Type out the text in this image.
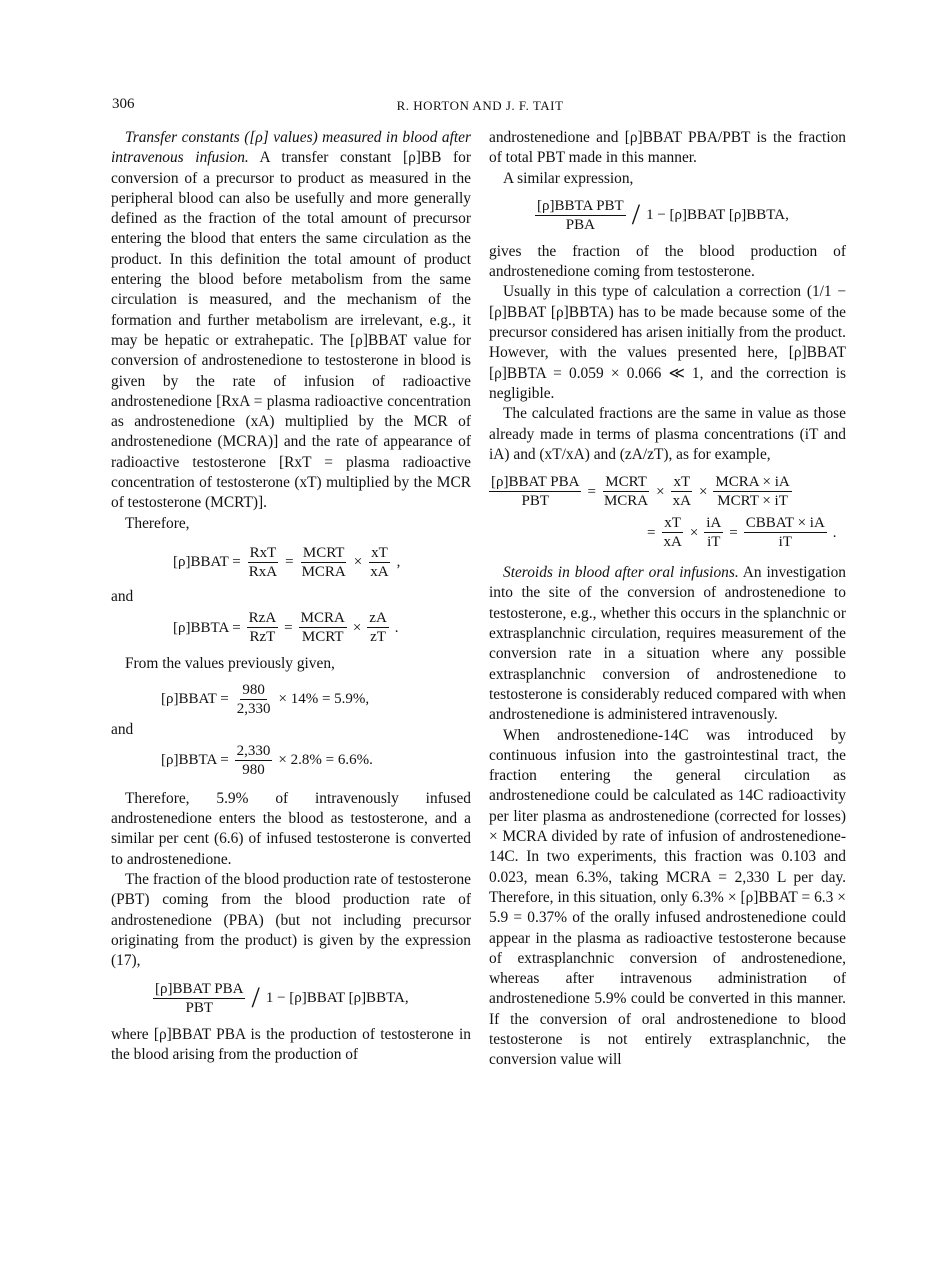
306	R. HORTON AND J. F. TAIT

Transfer constants ([ρ] values) measured in blood after intravenous infusion. A transfer constant [ρ]BB for conversion of a precursor to product as measured in the peripheral blood can also be usefully and more generally defined as the fraction of the total amount of precursor entering the blood that enters the same circulation as the product. In this definition the total amount of product entering the blood before metabolism from the same circulation is measured, and the mechanism of the formation and further metabolism are irrelevant, e.g., it may be hepatic or extrahepatic. The [ρ]BBAT value for conversion of androstenedione to testosterone in blood is given by the rate of infusion of radioactive androstenedione [RxA = plasma radioactive concentration as androstenedione (xA) multiplied by the MCR of androstenedione (MCRA)] and the rate of appearance of radioactive testosterone [RxT = plasma radioactive concentration of testosterone (xT) multiplied by the MCR of testosterone (MCRT)].

Therefore,

[ρ]BBAT = $\frac{\text{RxT}}{\text{RxA}} = \frac{\text{MCRT}}{\text{MCRA}} \times \frac{xT}{xA}$ ,

and

[ρ]BBTA = $\frac{\text{RzA}}{\text{RzT}} = \frac{\text{MCRA}}{\text{MCRT}} \times \frac{zA}{zT}$ .

From the values previously given,

[ρ]BBAT = $\frac{980}{2,330} \times 14\% = 5.9\%$,

and

[ρ]BBTA = $\frac{2,330}{980} \times 2.8\% = 6.6\%$.

Therefore, 5.9% of intravenously infused androstenedione enters the blood as testosterone, and a similar per cent (6.6) of infused testosterone is converted to androstenedione.

The fraction of the blood production rate of testosterone (PBT) coming from the blood production rate of androstenedione (PBA) (but not including precursor originating from the product) is given by the expression (17),

$\frac{\text{[ρ]BBAT PBA}}{\text{PBT}} / 1$ − [ρ]BBAT [ρ]BBTA,

where [ρ]BBAT PBA is the production of testosterone in the blood arising from the production of

androstenedione and [ρ]BBAT PBA/PBT is the fraction of total PBT made in this manner.

A similar expression,

$\frac{\text{[ρ]BBTA PBT}}{\text{PBA}} / 1$ − [ρ]BBAT [ρ]BBTA,

gives the fraction of the blood production of androstenedione coming from testosterone.

Usually in this type of calculation a correction (1/1 − [ρ]BBAT [ρ]BBTA) has to be made because some of the precursor considered has arisen initially from the product. However, with the values presented here, [ρ]BBAT [ρ]BBTA = 0.059 × 0.066 ≪ 1, and the correction is negligible.

The calculated fractions are the same in value as those already made in terms of plasma concentrations (iT and iA) and (xT/xA) and (zA/zT), as for example,

$\frac{\text{[ρ]BBAT PBA}}{\text{PBT}} = \frac{\text{MCRT}}{\text{MCRA}} \times \frac{xT}{xA} \times \frac{\text{MCRA × iA}}{\text{MCRT × iT}}$
= $\frac{xT}{xA} \times \frac{iA}{iT} = \frac{\text{CBBAT × iA}}{iT}$ .

Steroids in blood after oral infusions. An investigation into the site of the conversion of androstenedione to testosterone, e.g., whether this occurs in the splanchnic or extrasplanchnic circulation, requires measurement of the conversion rate in a situation where any possible extrasplanchnic conversion of androstenedione to testosterone is considerably reduced compared with when androstenedione is administered intravenously.

When androstenedione-14C was introduced by continuous infusion into the gastrointestinal tract, the fraction entering the general circulation as androstenedione could be calculated as 14C radioactivity per liter plasma as androstenedione (corrected for losses) × MCRA divided by rate of infusion of androstenedione-14C. In two experiments, this fraction was 0.103 and 0.023, mean 6.3%, taking MCRA = 2,330 L per day. Therefore, in this situation, only 6.3% × [ρ]BBAT = 6.3 × 5.9 = 0.37% of the orally infused androstenedione could appear in the plasma as radioactive testosterone because of extrasplanchnic conversion of androstenedione, whereas after intravenous administration of androstenedione 5.9% could be converted in this manner. If the conversion of oral androstenedione to blood testosterone is not entirely extrasplanchnic, the conversion value will
